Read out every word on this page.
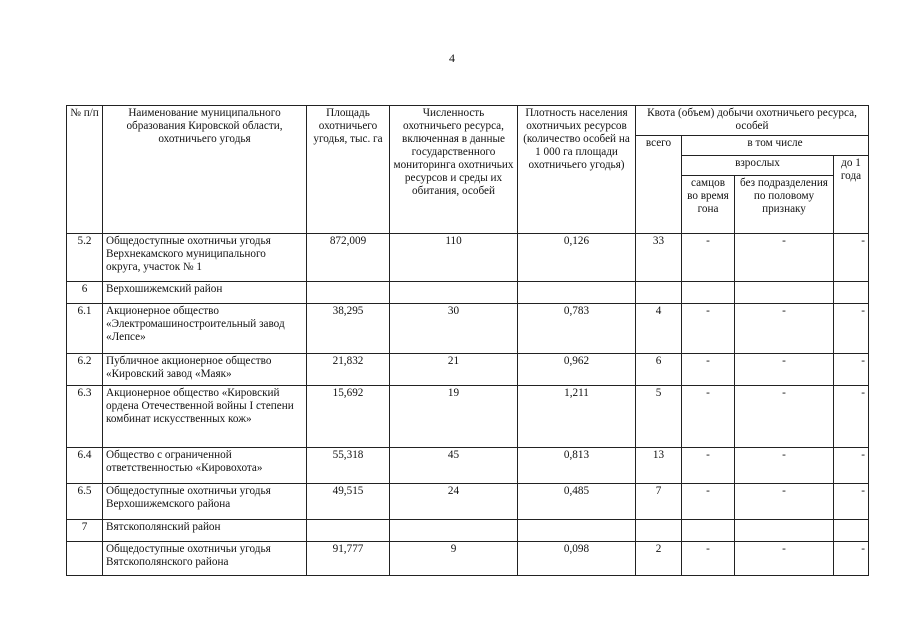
4
№ п/п	Наименование муниципального образования Кировской области, охотничьего угодья	Площадь охотничьего угодья, тыс. га	Численность охотничьего ресурса, включенная в данные государственного мониторинга охотничьих ресурсов и среды их обитания, особей	Плотность населения охотничьих ресурсов (количество особей на 1 000 га площади охотничьего угодья)	Квота (объем) добычи охотничьего ресурса, особей			
					всего	в том числе		
						взрослых		до 1 года
						самцов во время гона	без подразделения по половому признаку	
5.2	Общедоступные охотничьи угодья Верхнекамского муниципального округа, участок № 1	872,009	110	0,126	33	-	-	-
6	Верхошижемский район							
6.1	Акционерное общество «Электромашиностроительный завод «Лепсе»	38,295	30	0,783	4	-	-	-
6.2	Публичное акционерное общество «Кировский завод «Маяк»	21,832	21	0,962	6	-	-	-
6.3	Акционерное общество «Кировский ордена Отечественной войны I степени комбинат искусственных кож»	15,692	19	1,211	5	-	-	-
6.4	Общество с ограниченной ответственностью «Кировохота»	55,318	45	0,813	13	-	-	-
6.5	Общедоступные охотничьи угодья Верхошижемского района	49,515	24	0,485	7	-	-	-
7	Вятскополянский район							
	Общедоступные охотничьи угодья Вятскополянского района	91,777	9	0,098	2	-	-	-
